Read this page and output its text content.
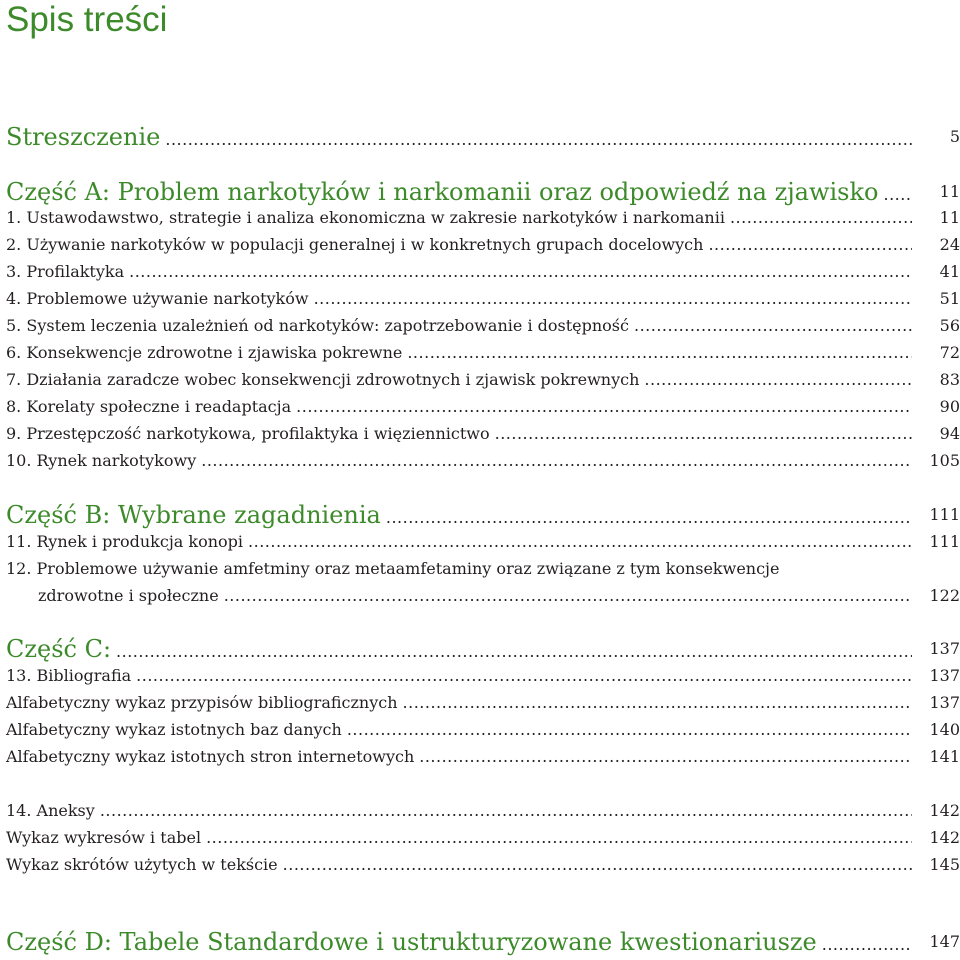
Spis treści
Streszczenie .....	5
Część A: Problem narkotyków i narkomanii oraz odpowiedź na zjawisko .....	11
1. Ustawodawstwo, strategie i analiza ekonomiczna w zakresie narkotyków i narkomanii .....	11
2. Używanie narkotyków w populacji generalnej i w konkretnych grupach docelowych .....	24
3. Profilaktyka .....	41
4. Problemowe używanie narkotyków .....	51
5. System leczenia uzależnień od narkotyków: zapotrzebowanie i dostępność .....	56
6. Konsekwencje zdrowotne i zjawiska pokrewne .....	72
7. Działania zaradcze wobec konsekwencji zdrowotnych i zjawisk pokrewnych .....	83
8. Korelaty społeczne i readaptacja .....	90
9. Przestępczość narkotykowa, profilaktyka i więziennictwo .....	94
10. Rynek narkotykowy .....	105
Część B: Wybrane zagadnienia .....	111
11. Rynek i produkcja konopi .....	111
12. Problemowe używanie amfetminy oraz metaamfetaminy oraz związane z tym konsekwencje
zdrowotne i społeczne .....	122
Część C: .....	137
13. Bibliografia .....	137
Alfabetyczny wykaz przypisów bibliograficznych .....	137
Alfabetyczny wykaz istotnych baz danych .....	140
Alfabetyczny wykaz istotnych stron internetowych .....	141
14. Aneksy .....	142
Wykaz wykresów i tabel .....	142
Wykaz skrótów użytych w tekście .....	145
Część D: Tabele Standardowe i ustrukturyzowane kwestionariusze .....	147
